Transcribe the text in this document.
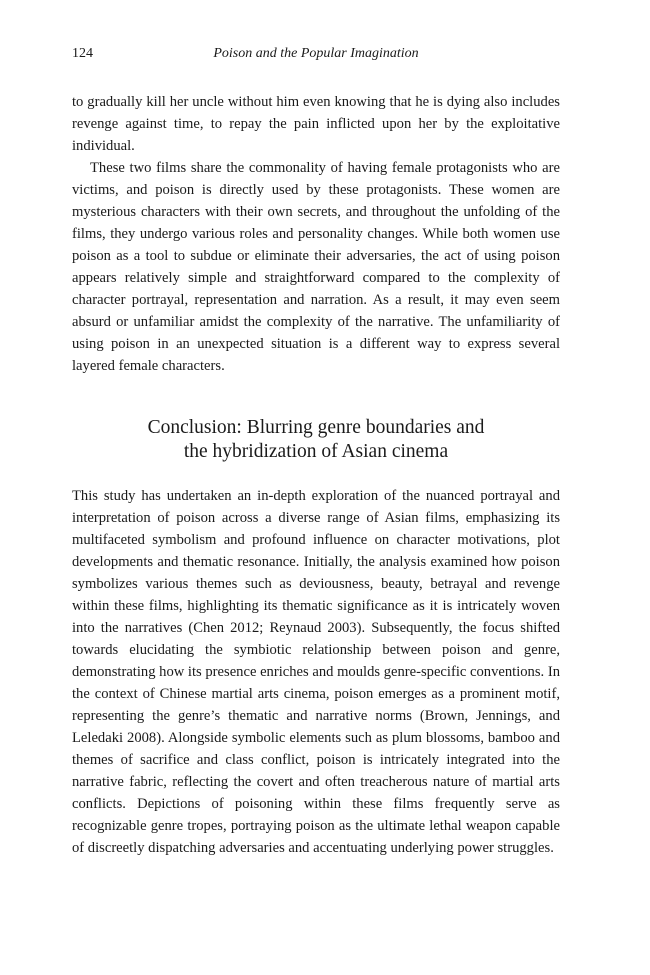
124	Poison and the Popular Imagination

to gradually kill her uncle without him even knowing that he is dying also includes revenge against time, to repay the pain inflicted upon her by the exploitative individual.

These two films share the commonality of having female protagonists who are victims, and poison is directly used by these protagonists. These women are mysterious characters with their own secrets, and throughout the unfolding of the films, they undergo various roles and personality changes. While both women use poison as a tool to subdue or eliminate their adversaries, the act of using poison appears relatively simple and straightforward compared to the complexity of character portrayal, representation and narration. As a result, it may even seem absurd or unfamiliar amidst the complexity of the narrative. The unfamiliarity of using poison in an unexpected situation is a different way to express several layered female characters.

Conclusion: Blurring genre boundaries and
the hybridization of Asian cinema

This study has undertaken an in-depth exploration of the nuanced portrayal and interpretation of poison across a diverse range of Asian films, emphasizing its multifaceted symbolism and profound influence on character motivations, plot developments and thematic resonance. Initially, the analysis examined how poison symbolizes various themes such as deviousness, beauty, betrayal and revenge within these films, highlighting its thematic significance as it is intricately woven into the narratives (Chen 2012; Reynaud 2003). Subsequently, the focus shifted towards elucidating the symbiotic relationship between poison and genre, demonstrating how its presence enriches and moulds genre-specific conventions. In the context of Chinese martial arts cinema, poison emerges as a prominent motif, representing the genre’s thematic and narrative norms (Brown, Jennings, and Leledaki 2008). Alongside symbolic elements such as plum blossoms, bamboo and themes of sacrifice and class conflict, poison is intricately integrated into the narrative fabric, reflecting the covert and often treacherous nature of martial arts conflicts. Depictions of poisoning within these films frequently serve as recognizable genre tropes, portraying poison as the ultimate lethal weapon capable of discreetly dispatching adversaries and accentuating underlying power struggles.
